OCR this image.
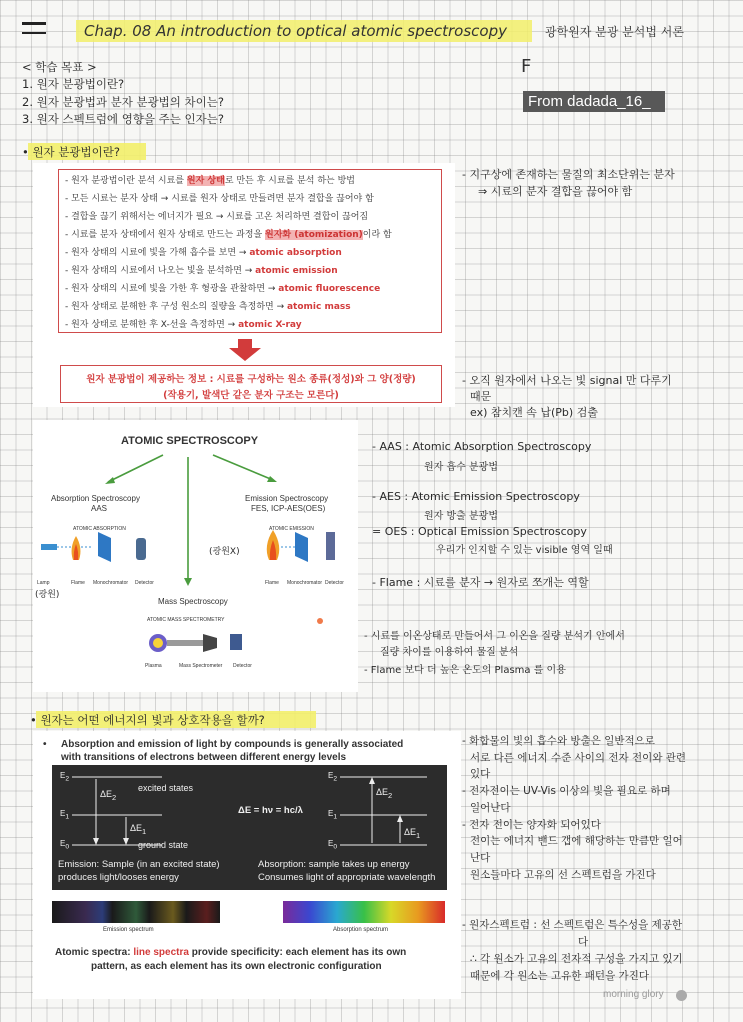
Chap. 08 An introduction to optical atomic spectroscopy	광학원자 분광 분석법 서론
F
From dadada_16_
< 학습 목표 >
1. 원자 분광법이란?
2. 원자 분광법과 분자 분광법의 차이는?
3. 원자 스펙트럼에 영향을 주는 인자는?
• 원자 분광법이란?
- 원자 분광법이란 분석 시료를 원자 상태로 만든 후 시료를 분석 하는 방법
- 모든 시료는 분자 상태 → 시료를 원자 상태로 만들려면 분자 결합을 끊어야 함
- 결합을 끊기 위해서는 에너지가 필요 → 시료를 고온 처리하면 결합이 끊어짐
- 시료를 분자 상태에서 원자 상태로 만드는 과정을 원자화 (atomization)이라 함
- 원자 상태의 시료에 빛을 가해 흡수를 보면 → atomic absorption
- 원자 상태의 시료에서 나오는 빛을 분석하면 → atomic emission
- 원자 상태의 시료에 빛을 가한 후 형광을 관찰하면 → atomic fluorescence
- 원자 상태로 분해한 후 구성 원소의 질량을 측정하면 → atomic mass
- 원자 상태로 분해한 후 X-선을 측정하면 → atomic X-ray
원자 분광법이 제공하는 정보 : 시료를 구성하는 원소 종류(정성)와 그 양(정량)
(작용기, 발색단 같은 분자 구조는 모른다)
- 지구상에 존재하는 물질의 최소단위는 분자
⇒ 시료의 분자 결합을 끊어야 함
- 오직 원자에서 나오는 빛 signal 만 다루기
때문
ex) 참치캔 속 납(Pb) 검출
ATOMIC SPECTROSCOPY
Absorption Spectroscopy
AAS
Emission Spectroscopy
FES, ICP-AES(OES)
ATOMIC ABSORPTION	ATOMIC EMISSION
Lamp	Flame Monochromator Detector	Flame Monochromator Detector
Mass Spectroscopy
ATOMIC MASS SPECTROMETRY
Plasma	Mass Spectrometer Detector
(광원)
(광원X)
- AAS : Atomic Absorption Spectroscopy
원자 흡수 분광법
- AES : Atomic Emission Spectroscopy
원자 방출 분광법
= OES : Optical Emission Spectroscopy
우리가 인지할 수 있는 visible 영역 일때
- Flame : 시료를 분자 → 원자로 쪼개는 역할
- 시료를 이온상태로 만들어서 그 이온을 질량 분석기 안에서
질량 차이를 이용하여 물질 분석
- Flame 보다 더 높은 온도의 Plasma 를 이용
• 원자는 어떤 에너지의 빛과 상호작용을 할까?
• Absorption and emission of light by compounds is generally associated
with transitions of electrons between different energy levels
Emission spectrum	Absorption spectrum
Atomic spectra: line spectra provide specificity: each element has its own
pattern, as each element has its own electronic configuration
$E_2$
$E_1$
$E_0$
$\Delta E_2$
$\Delta E_1$
excited states
ground state
ΔE = hν = hc/λ
$E_2$
$E_1$
$E_0$
$\Delta E_2$
$\Delta E_1$
Emission: Sample (in an excited state)
produces light/looses energy
Absorption: sample takes up energy
Consumes light of appropriate wavelength
- 화합물의 빛의 흡수와 방출은 일반적으로
서로 다른 에너지 수준 사이의 전자 전이와 관련
있다
- 전자전이는 UV-Vis 이상의 빛을 필요로 하며
일어난다
- 전자 전이는 양자화 되어있다
전이는 에너지 밴드 갭에 해당하는 만큼만 일어
난다
원소들마다 고유의 선 스펙트럼을 가진다
- 원자스펙트럼 : 선 스펙트럼은 특수성을 제공한
다
∴ 각 원소가 고유의 전자적 구성을 가지고 있기
때문에 각 원소는 고유한 패턴을 가진다
morning glory
